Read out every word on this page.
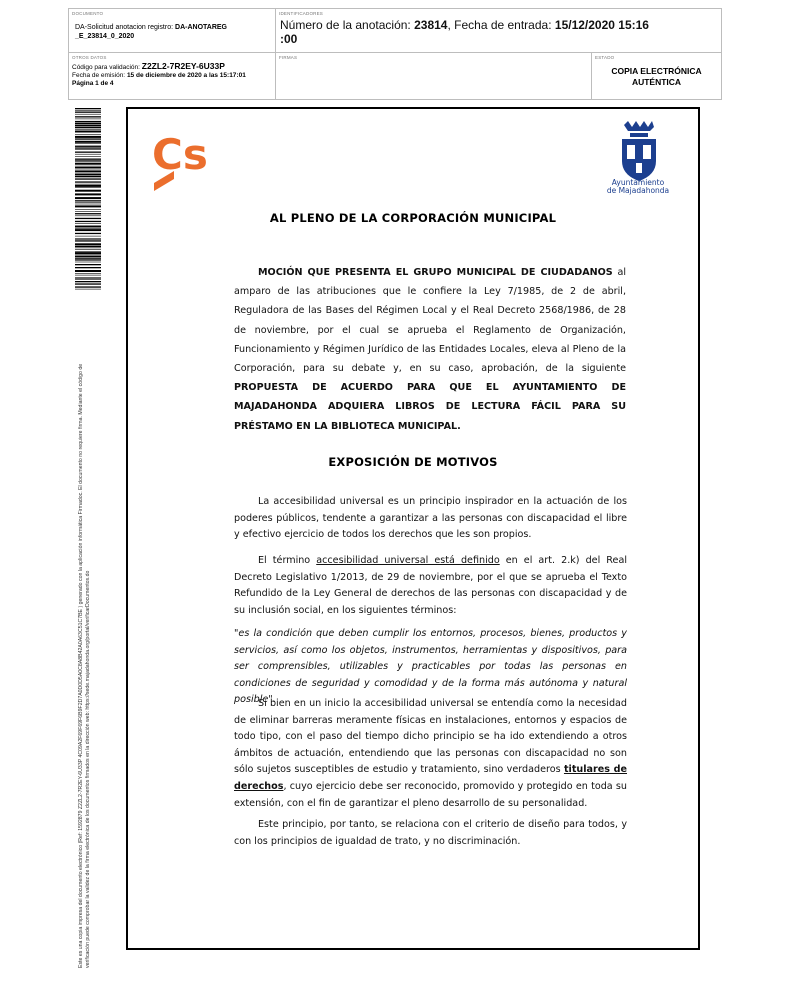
DOCUMENTO
DA-Solicitud anotacion registro: DA-ANOTAREG
_E_23814_0_2020
IDENTIFICADORES
Número de la anotación: 23814, Fecha de entrada: 15/12/2020 15:16
:00
OTROS DATOS
Código para validación: Z2ZL2-7R2EY-6U33P
Fecha de emisión: 15 de diciembre de 2020 a las 15:17:01
Página 1 de 4
FIRMAS	ESTADO
COPIA ELECTRÓNICA
AUTÉNTICA
Este es una copia impresa del documento electrónico (Ref: 1592879 Z2ZL2-7R2EY-6U33P 4C09A2F69F69F6B9F2D7A0D0D5A0C8A8B42A0A63C51C7BE ) generado con la aplicación informática Firmadoc. El documento no requiere firma. Mediante el código de verificación puede comprobar la validez de la firma electrónica de los documentos firmados en la dirección web: https://sede.majadahonda.org/portal/verificarDocumentos.do
Cs
Ayuntamiento
de Majadahonda
AL PLENO DE LA CORPORACIÓN MUNICIPAL
MOCIÓN QUE PRESENTA EL GRUPO MUNICIPAL DE CIUDADANOS al amparo de las atribuciones que le confiere la Ley 7/1985, de 2 de abril, Reguladora de las Bases del Régimen Local y el Real Decreto 2568/1986, de 28 de noviembre, por el cual se aprueba el Reglamento de Organización, Funcionamiento y Régimen Jurídico de las Entidades Locales, eleva al Pleno de la Corporación, para su debate y, en su caso, aprobación, de la siguiente PROPUESTA DE ACUERDO PARA QUE EL AYUNTAMIENTO DE MAJADAHONDA ADQUIERA LIBROS DE LECTURA FÁCIL PARA SU PRÉSTAMO EN LA BIBLIOTECA MUNICIPAL.
EXPOSICIÓN DE MOTIVOS
La accesibilidad universal es un principio inspirador en la actuación de los poderes públicos, tendente a garantizar a las personas con discapacidad el libre y efectivo ejercicio de todos los derechos que les son propios.
El término accesibilidad universal está definido en el art. 2.k) del Real Decreto Legislativo 1/2013, de 29 de noviembre, por el que se aprueba el Texto Refundido de la Ley General de derechos de las personas con discapacidad y de su inclusión social, en los siguientes términos:
"es la condición que deben cumplir los entornos, procesos, bienes, productos y servicios, así como los objetos, instrumentos, herramientas y dispositivos, para ser comprensibles, utilizables y practicables por todas las personas en condiciones de seguridad y comodidad y de la forma más autónoma y natural posible".
Si bien en un inicio la accesibilidad universal se entendía como la necesidad de eliminar barreras meramente físicas en instalaciones, entornos y espacios de todo tipo, con el paso del tiempo dicho principio se ha ido extendiendo a otros ámbitos de actuación, entendiendo que las personas con discapacidad no son sólo sujetos susceptibles de estudio y tratamiento, sino verdaderos titulares de derechos, cuyo ejercicio debe ser reconocido, promovido y protegido en toda su extensión, con el fin de garantizar el pleno desarrollo de su personalidad.
Este principio, por tanto, se relaciona con el criterio de diseño para todos, y con los principios de igualdad de trato, y no discriminación.
